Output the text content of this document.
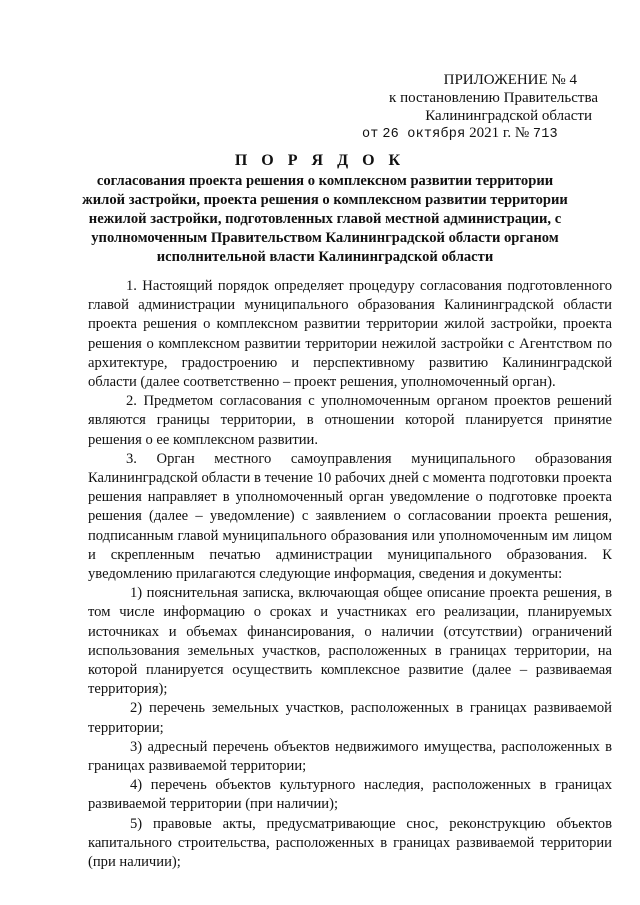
ПРИЛОЖЕНИЕ № 4
к постановлению Правительства
Калининградской области
от 26 октября 2021 г. № 713
П О Р Я Д О К
согласования проекта решения о комплексном развитии территории жилой застройки, проекта решения о комплексном развитии территории нежилой застройки, подготовленных главой местной администрации, с уполномоченным Правительством Калининградской области органом исполнительной власти Калининградской области

1. Настоящий порядок определяет процедуру согласования подготовленного главой администрации муниципального образования Калининградской области проекта решения о комплексном развитии территории жилой застройки, проекта решения о комплексном развитии территории нежилой застройки с Агентством по архитектуре, градостроению и перспективному развитию Калининградской области (далее соответственно – проект решения, уполномоченный орган).

2. Предметом согласования с уполномоченным органом проектов решений являются границы территории, в отношении которой планируется принятие решения о ее комплексном развитии.

3. Орган местного самоуправления муниципального образования Калининградской области в течение 10 рабочих дней с момента подготовки проекта решения направляет в уполномоченный орган уведомление о подготовке проекта решения (далее – уведомление) с заявлением о согласовании проекта решения, подписанным главой муниципального образования или уполномоченным им лицом и скрепленным печатью администрации муниципального образования. К уведомлению прилагаются следующие информация, сведения и документы:

1) пояснительная записка, включающая общее описание проекта решения, в том числе информацию о сроках и участниках его реализации, планируемых источниках и объемах финансирования, о наличии (отсутствии) ограничений использования земельных участков, расположенных в границах территории, на которой планируется осуществить комплексное развитие (далее – развиваемая территория);

2) перечень земельных участков, расположенных в границах развиваемой территории;

3) адресный перечень объектов недвижимого имущества, расположенных в границах развиваемой территории;

4) перечень объектов культурного наследия, расположенных в границах развиваемой территории (при наличии);

5) правовые акты, предусматривающие снос, реконструкцию объектов капитального строительства, расположенных в границах развиваемой территории (при наличии);
